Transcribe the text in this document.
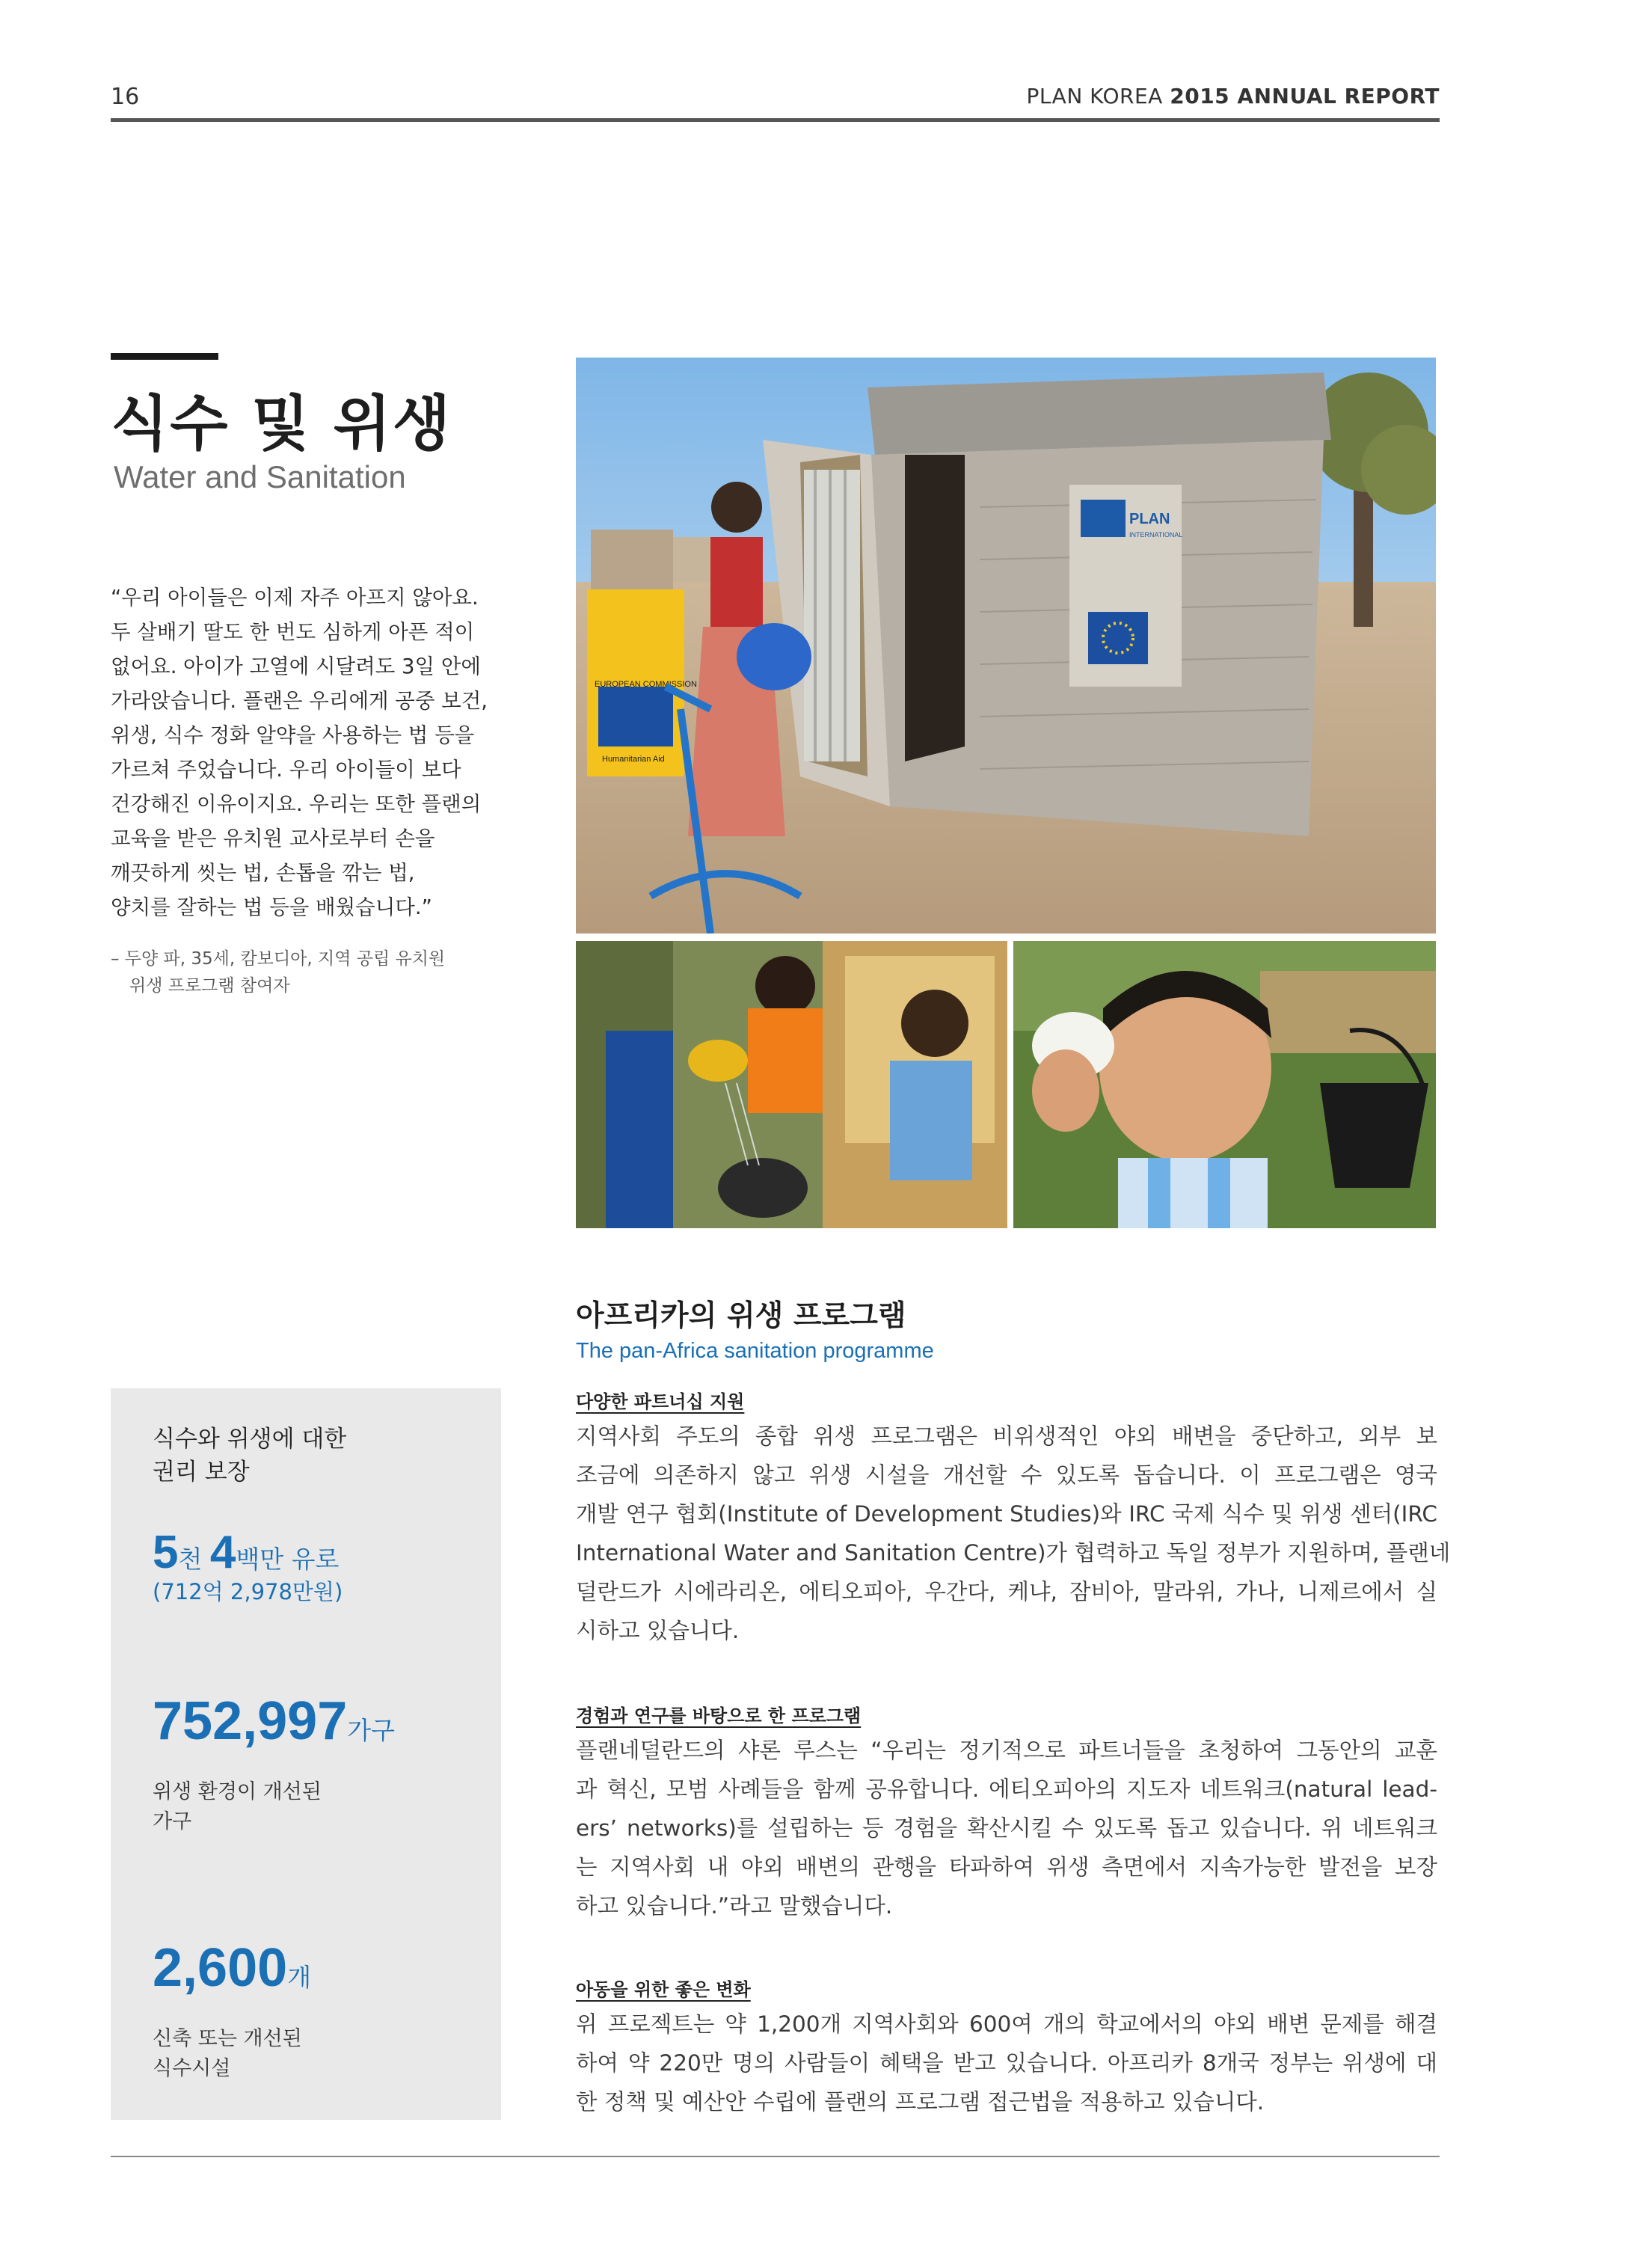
16	PLAN KOREA 2015 ANNUAL REPORT
식수 및 위생
Water and Sanitation
“우리 아이들은 이제 자주 아프지 않아요.
두 살배기 딸도 한 번도 심하게 아픈 적이
없어요. 아이가 고열에 시달려도 3일 안에
가라앉습니다. 플랜은 우리에게 공중 보건,
위생, 식수 정화 알약을 사용하는 법 등을
가르쳐 주었습니다. 우리 아이들이 보다
건강해진 이유이지요. 우리는 또한 플랜의
교육을 받은 유치원 교사로부터 손을
깨끗하게 씻는 법, 손톱을 깎는 법,
양치를 잘하는 법 등을 배웠습니다.”
– 두양 파, 35세, 캄보디아, 지역 공립 유치원
위생 프로그램 참여자
PLAN
INTERNATIONAL
EUROPEAN COMMISSION
Humanitarian Aid
식수와 위생에 대한
권리 보장
5천 4백만 유로
(712억 2,978만원)
752,997가구
위생 환경이 개선된
가구
2,600개
신축 또는 개선된
식수시설
아프리카의 위생 프로그램
The pan-Africa sanitation programme
다양한 파트너십 지원
지역사회 주도의 종합 위생 프로그램은 비위생적인 야외 배변을 중단하고, 외부 보
조금에 의존하지 않고 위생 시설을 개선할 수 있도록 돕습니다. 이 프로그램은 영국
개발 연구 협회(Institute of Development Studies)와 IRC 국제 식수 및 위생 센터(IRC
International Water and Sanitation Centre)가 협력하고 독일 정부가 지원하며, 플랜네
덜란드가 시에라리온, 에티오피아, 우간다, 케냐, 잠비아, 말라위, 가나, 니제르에서 실
시하고 있습니다.
경험과 연구를 바탕으로 한 프로그램
플랜네덜란드의 샤론 루스는 “우리는 정기적으로 파트너들을 초청하여 그동안의 교훈
과 혁신, 모범 사례들을 함께 공유합니다. 에티오피아의 지도자 네트워크(natural lead-
ers’ networks)를 설립하는 등 경험을 확산시킬 수 있도록 돕고 있습니다. 위 네트워크
는 지역사회 내 야외 배변의 관행을 타파하여 위생 측면에서 지속가능한 발전을 보장
하고 있습니다.”라고 말했습니다.
아동을 위한 좋은 변화
위 프로젝트는 약 1,200개 지역사회와 600여 개의 학교에서의 야외 배변 문제를 해결
하여 약 220만 명의 사람들이 혜택을 받고 있습니다. 아프리카 8개국 정부는 위생에 대
한 정책 및 예산안 수립에 플랜의 프로그램 접근법을 적용하고 있습니다.
